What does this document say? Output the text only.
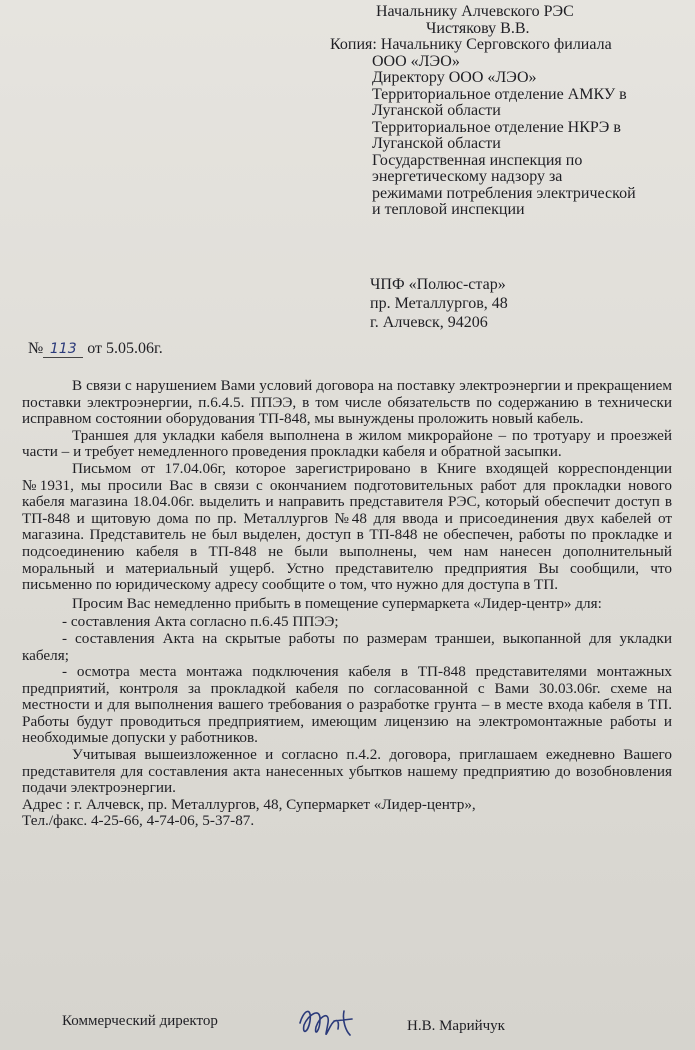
Начальнику Алчевского РЭС
Чистякову В.В.
Копия: Начальнику Серговского филиала
ООО «ЛЭО»
Директору ООО «ЛЭО»
Территориальное отделение АМКУ в
Луганской области
Территориальное отделение НКРЭ в
Луганской области
Государственная инспекция по
энергетическому надзору за
режимами потребления электрической
и тепловой инспекции
ЧПФ «Полюс-стар»
пр. Металлургов, 48
г. Алчевск, 94206
№ 113 от 5.05.06г.

В связи с нарушением Вами условий договора на поставку электроэнергии и прекращением поставки электроэнергии, п.6.4.5. ППЭЭ, в том числе обязательств по содержанию в технически исправном состоянии оборудования ТП-848, мы вынуждены проложить новый кабель.

Траншея для укладки кабеля выполнена в жилом микрорайоне – по тротуару и проезжей части – и требует немедленного проведения прокладки кабеля и обратной засыпки.

Письмом от 17.04.06г, которое зарегистрировано в Книге входящей корреспонденции №1931, мы просили Вас в связи с окончанием подготовительных работ для прокладки нового кабеля магазина 18.04.06г. выделить и направить представителя РЭС, который обеспечит доступ в ТП-848 и щитовую дома по пр. Металлургов №48 для ввода и присоединения двух кабелей от магазина. Представитель не был выделен, доступ в ТП-848 не обеспечен, работы по прокладке и подсоединению кабеля в ТП-848 не были выполнены, чем нам нанесен дополнительный моральный и материальный ущерб. Устно представителю предприятия Вы сообщили, что письменно по юридическому адресу сообщите о том, что нужно для доступа в ТП.

Просим Вас немедленно прибыть в помещение супермаркета «Лидер-центр» для:

- составления Акта согласно п.6.45 ППЭЭ;

- составления Акта на скрытые работы по размерам траншеи, выкопанной для укладки кабеля;

- осмотра места монтажа подключения кабеля в ТП-848 представителями монтажных предприятий, контроля за прокладкой кабеля по согласованной с Вами 30.03.06г. схеме на местности и для выполнения вашего требования о разработке грунта – в месте входа кабеля в ТП. Работы будут проводиться предприятием, имеющим лицензию на электромонтажные работы и необходимые допуски у работников.

Учитывая вышеизложенное и согласно п.4.2. договора, приглашаем ежедневно Вашего представителя для составления акта нанесенных убытков нашему предприятию до возобновления подачи электроэнергии.

Адрес : г. Алчевск, пр. Металлургов, 48, Супермаркет «Лидер-центр»,

Тел./факс. 4-25-66, 4-74-06, 5-37-87.

Коммерческий директор	Н.В. Марийчук
